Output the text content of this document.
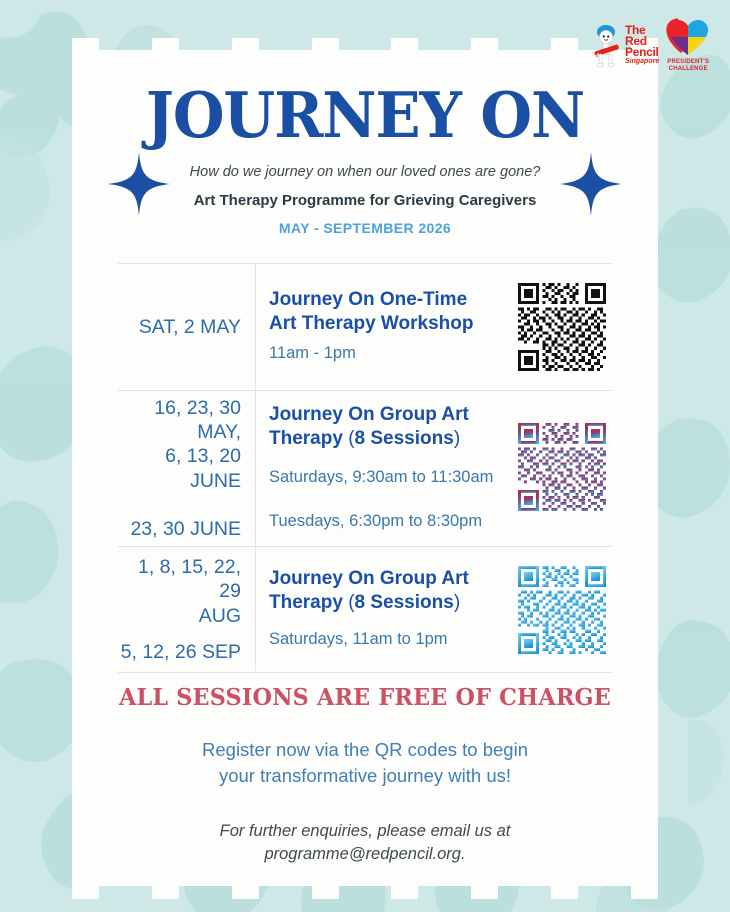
The
Red
Pencil
Singapore PRESIDENT'S
CHALLENGE
JOURNEY ON
How do we journey on when our loved ones are gone?
Art Therapy Programme for Grieving Caregivers
MAY - SEPTEMBER 2026
SAT, 2 MAY
Journey On One-Time
Art Therapy Workshop
11am - 1pm
16, 23, 30 MAY,
6, 13, 20 JUNE
23, 30 JUNE
Journey On Group Art
Therapy (8 Sessions)
Saturdays, 9:30am to 11:30am
Tuesdays, 6:30pm to 8:30pm
1, 8, 15, 22, 29
AUG
5, 12, 26 SEP
Journey On Group Art
Therapy (8 Sessions)
Saturdays, 11am to 1pm
ALL SESSIONS ARE FREE OF CHARGE
Register now via the QR codes to begin
your transformative journey with us!
For further enquiries, please email us at
programme@redpencil.org.
